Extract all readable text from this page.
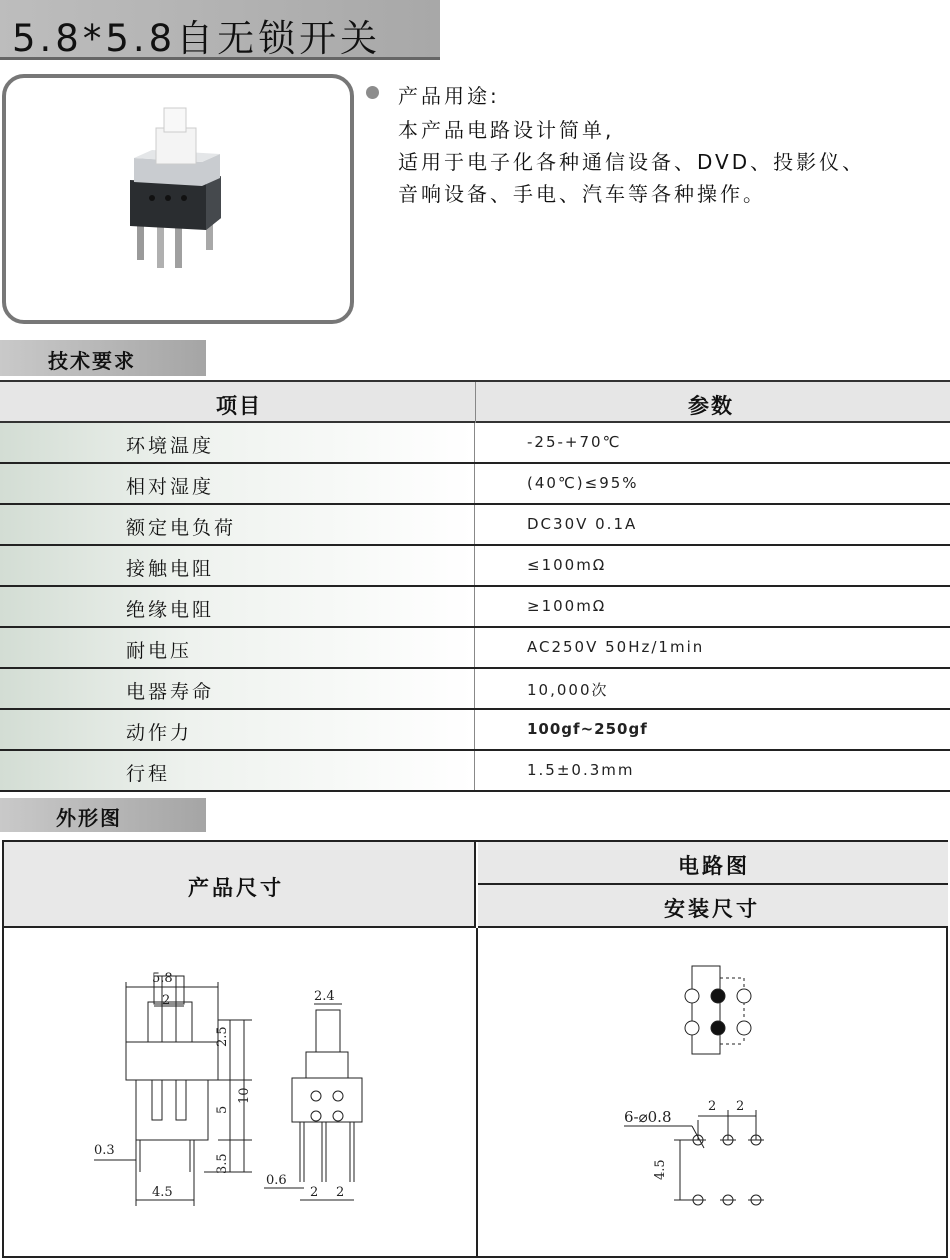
5.8*5.8自无锁开关
产品用途:
本产品电路设计简单,
适用于电子化各种通信设备、DVD、投影仪、
音响设备、手电、汽车等各种操作。
技术要求
项目	参数
环境温度	-25-+70℃
相对湿度	(40℃)≤95%
额定电负荷	DC30V 0.1A
接触电阻	≤100mΩ
绝缘电阻	≥100mΩ
耐电压	AC250V 50Hz/1min
电器寿命	10,000次
动作力	100gf~250gf
行程	1.5±0.3mm
外形图
产品尺寸
电路图
安装尺寸
5.8
2
2.5
10
5
3.5
4.5
0.3
2.4
0.6
2 2
6-⌀0.8
2 2
4.5
